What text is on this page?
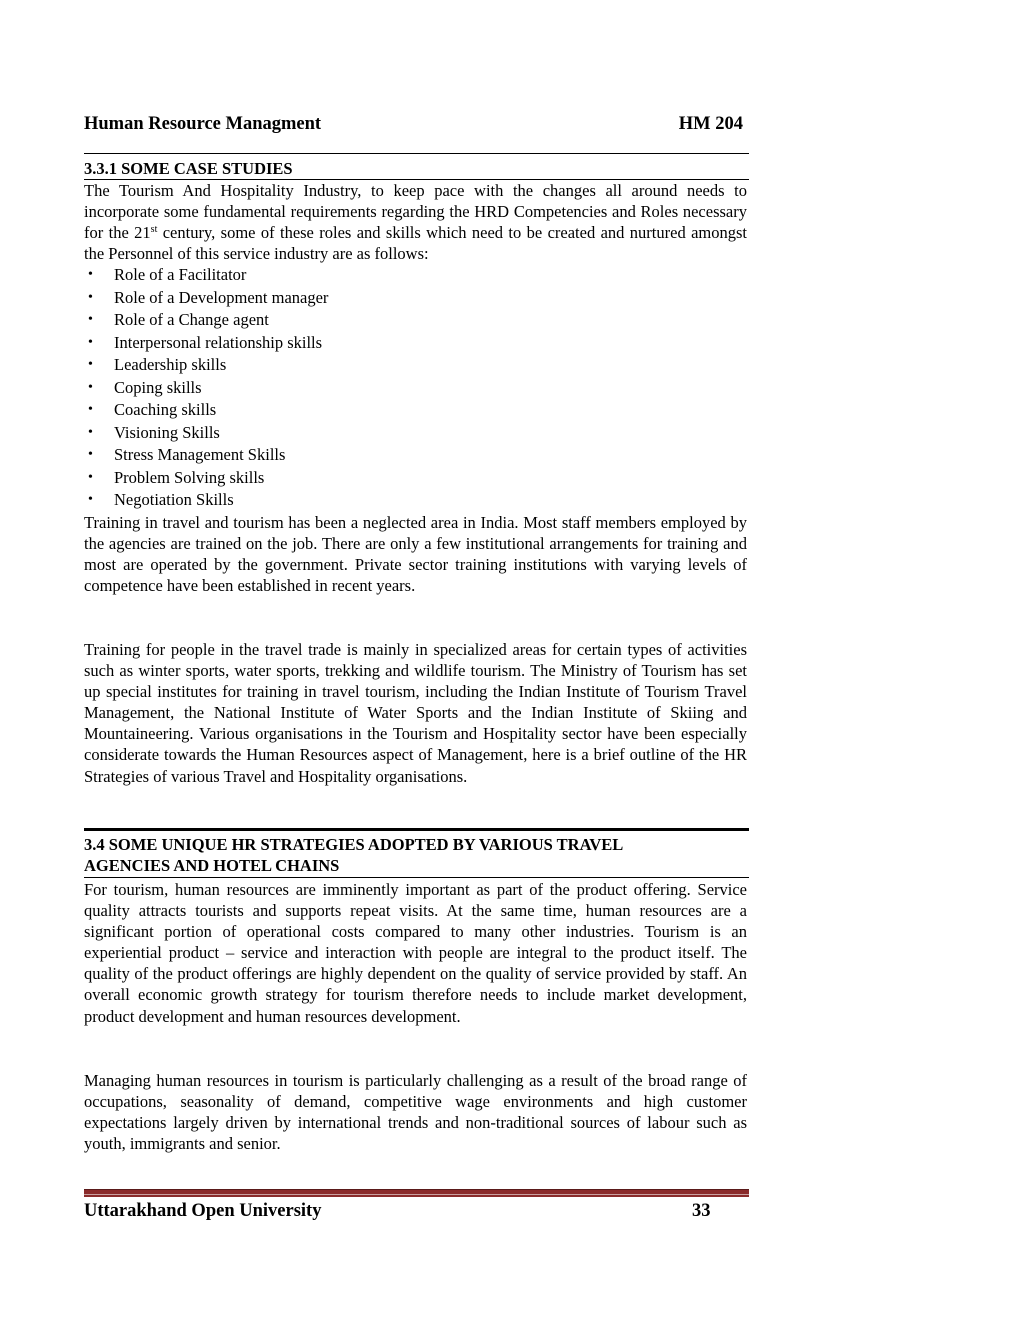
Human Resource Managment	HM 204
3.3.1 SOME CASE STUDIES
The Tourism And Hospitality Industry, to keep pace with the changes all around needs to incorporate some fundamental requirements regarding the HRD Competencies and Roles necessary for the 21st century, some of these roles and skills which need to be created and nurtured amongst the Personnel of this service industry are as follows:
• Role of a Facilitator
• Role of a Development manager
• Role of a Change agent
• Interpersonal relationship skills
• Leadership skills
• Coping skills
• Coaching skills
• Visioning Skills
• Stress Management Skills
• Problem Solving skills
• Negotiation Skills
Training in travel and tourism has been a neglected area in India. Most staff members employed by the agencies are trained on the job. There are only a few institutional arrangements for training and most are operated by the government. Private sector training institutions with varying levels of competence have been established in recent years.
Training for people in the travel trade is mainly in specialized areas for certain types of activities such as winter sports, water sports, trekking and wildlife tourism. The Ministry of Tourism has set up special institutes for training in travel tourism, including the Indian Institute of Tourism Travel Management, the National Institute of Water Sports and the Indian Institute of Skiing and Mountaineering. Various organisations in the Tourism and Hospitality sector have been especially considerate towards the Human Resources aspect of Management, here is a brief outline of the HR Strategies of various Travel and Hospitality organisations.
3.4 SOME UNIQUE HR STRATEGIES ADOPTED BY VARIOUS TRAVEL
AGENCIES AND HOTEL CHAINS
For tourism, human resources are imminently important as part of the product offering. Service quality attracts tourists and supports repeat visits. At the same time, human resources are a significant portion of operational costs compared to many other industries. Tourism is an experiential product – service and interaction with people are integral to the product itself. The quality of the product offerings are highly dependent on the quality of service provided by staff. An overall economic growth strategy for tourism therefore needs to include market development, product development and human resources development.
Managing human resources in tourism is particularly challenging as a result of the broad range of occupations, seasonality of demand, competitive wage environments and high customer expectations largely driven by international trends and non-traditional sources of labour such as youth, immigrants and senior.
Uttarakhand Open University	33
